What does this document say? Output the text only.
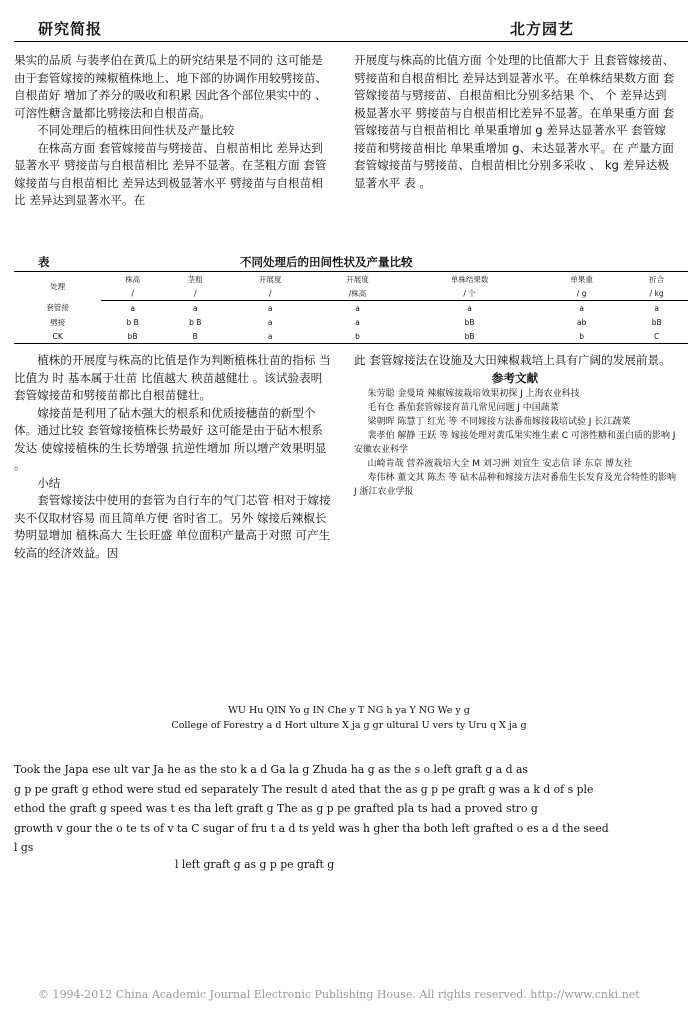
研究简报	北方园艺

果实的品质 与裴孝伯在黄瓜上的研究结果是不同的 这可能是由于套管嫁接的辣椒植株地上、地下部的协调作用较劈接苗、自根苗好 增加了养分的吸收和积累 因此各个部位果实中的 、可溶性糖含量都比劈接法和自根苗高。

不同处理后的植株田间性状及产量比较

在株高方面 套管嫁接苗与劈接苗、自根苗相比 差异达到显著水平 劈接苗与自根苗相比 差异不显著。在茎粗方面 套管嫁接苗与自根苗相比 差异达到极显著水平 劈接苗与自根苗相比 差异达到显著水平。在

开展度与株高的比值方面 个处理的比值都大于 且套管嫁接苗、劈接苗和自根苗相比 差异达到显著水平。在单株结果数方面 套管嫁接苗与劈接苗、自根苗相比分别多结果 个、 个 差异达到极显著水平 劈接苗与自根苗相比差异不显著。在单果重方面 套管嫁接苗与自根苗相比 单果重增加 g 差异达显著水平 套管嫁接苗和劈接苗相比 单果重增加 g、未达显著水平。在 产量方面 套管嫁接苗与劈接苗、自根苗相比分别多采收 、 kg 差异达极显著水平 表 。

表	不同处理后的田间性状及产量比较
处理	株高	茎粗	开展度	开展度	单株结果数	单果重	折合
	/	/	/	/株高	/ 个	/ g	/ kg
套管接	a	a	a	a	a	a	a
劈接	b B	b B	a	a	bB	ab	bB
CK	bB	B	a	b	bB	b	C

植株的开展度与株高的比值是作为判断植株壮苗的指标 当比值为 时 基本属于壮苗 比值越大 秧苗越健壮 。该试验表明 套管嫁接苗和劈接苗都比自根苗健壮。

嫁接苗是利用了砧木强大的根系和优质接穗苗的新型个体。通过比较 套管嫁接植株长势最好 这可能是由于砧木根系发达 使嫁接植株的生长势增强 抗逆性增加 所以增产效果明显 。

小结

套管嫁接法中使用的套管为自行车的气门芯管 相对于嫁接夹不仅取材容易 而且简单方便 省时省工。另外 嫁接后辣椒长势明显增加 植株高大 生长旺盛 单位面积产量高于对照 可产生较高的经济效益。因

此 套管嫁接法在设施及大田辣椒栽培上具有广阔的发展前景。

参考文献

朱劳聪 金曼琦 辣椒嫁接栽培效果初探 J 上海农业科技

毛有仓 番茄套管嫁接育苗几常见问题 J 中国蔬菜

梁朝晖 陈慧丁 红光 等 不同嫁接方法番茄嫁接栽培试验 J 长江蔬菜

裴孝伯 解静 王跃 等 嫁接处理对黄瓜果实维生素 C 可溶性糖和蛋白质的影响 J 安徽农业科学

山崎肯哉 营养液栽培大全 M 刘习洲 刘宜生 安志信 译 东京 博友社

寿伟林 董文其 陈杰 等 砧木品种和嫁接方法对番茄生长发育及光合特性的影响 J 浙江农业学报

WU Hu QIN Yo g IN Che y T NG h ya Y NG We y g
College of Forestry a d Hort ulture X ja g gr ultural U vers ty Uru q X ja g
Took the Japa ese ult var Ja he as the sto k a d Ga la g Zhuda ha g as the s o left graft g a d as
g p pe graft g ethod were stud ed separately The result d ated that the as g p pe graft g was a k d of s ple
ethod the graft g speed was t es tha left graft g The as g p pe grafted pla ts had a proved stro g
growth v gour the o te ts of v ta C sugar of fru t a d ts yeld was h gher tha both left grafted o es a d the seed
l gs
l left graft g as g p pe graft g
© 1994-2012 China Academic Journal Electronic Publishing House. All rights reserved. http://www.cnki.net
